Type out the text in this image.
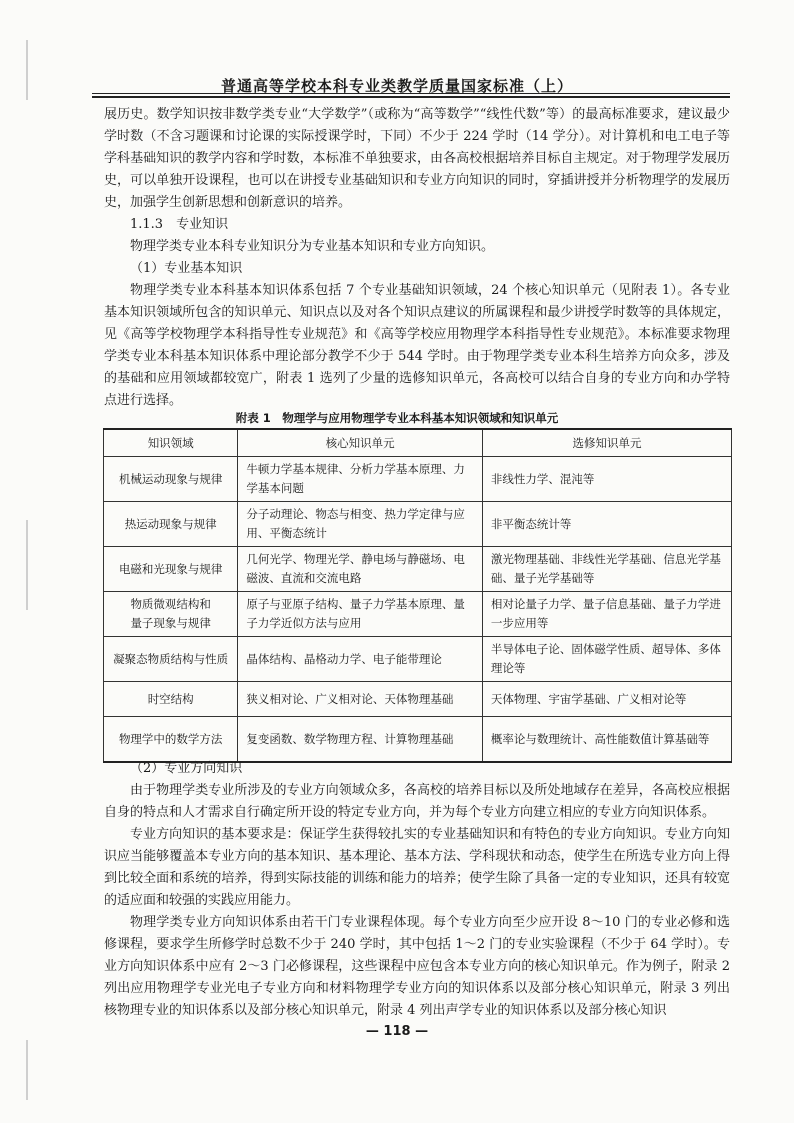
普通高等学校本科专业类教学质量国家标准（上）

展历史。数学知识按非数学类专业“大学数学”（或称为“高等数学”“线性代数”等）的最高标准要求，建议最少学时数（不含习题课和讨论课的实际授课学时，下同）不少于 224 学时（14 学分）。对计算机和电工电子等学科基础知识的教学内容和学时数，本标准不单独要求，由各高校根据培养目标自主规定。对于物理学发展历史，可以单独开设课程，也可以在讲授专业基础知识和专业方向知识的同时，穿插讲授并分析物理学的发展历史，加强学生创新思想和创新意识的培养。

1.1.3　专业知识

物理学类专业本科专业知识分为专业基本知识和专业方向知识。

（1）专业基本知识

物理学类专业本科基本知识体系包括 7 个专业基础知识领域，24 个核心知识单元（见附表 1）。各专业基本知识领域所包含的知识单元、知识点以及对各个知识点建议的所属课程和最少讲授学时数等的具体规定，见《高等学校物理学本科指导性专业规范》和《高等学校应用物理学本科指导性专业规范》。本标准要求物理学类专业本科基本知识体系中理论部分教学不少于 544 学时。由于物理学类专业本科生培养方向众多，涉及的基础和应用领域都较宽广，附表 1 选列了少量的选修知识单元，各高校可以结合自身的专业方向和办学特点进行选择。

附表 1　物理学与应用物理学专业本科基本知识领域和知识单元
知识领域	核心知识单元	选修知识单元
机械运动现象与规律	牛顿力学基本规律、分析力学基本原理、力学基本问题	非线性力学、混沌等
热运动现象与规律	分子动理论、物态与相变、热力学定律与应用、平衡态统计	非平衡态统计等
电磁和光现象与规律	几何光学、物理光学、静电场与静磁场、电磁波、直流和交流电路	激光物理基础、非线性光学基础、信息光学基础、量子光学基础等
物质微观结构和
量子现象与规律	原子与亚原子结构、量子力学基本原理、量子力学近似方法与应用	相对论量子力学、量子信息基础、量子力学进一步应用等
凝聚态物质结构与性质	晶体结构、晶格动力学、电子能带理论	半导体电子论、固体磁学性质、超导体、多体理论等
时空结构	狭义相对论、广义相对论、天体物理基础	天体物理、宇宙学基础、广义相对论等
物理学中的数学方法	复变函数、数学物理方程、计算物理基础	概率论与数理统计、高性能数值计算基础等
（2）专业方向知识

由于物理学类专业所涉及的专业方向领域众多，各高校的培养目标以及所处地域存在差异，各高校应根据自身的特点和人才需求自行确定所开设的特定专业方向，并为每个专业方向建立相应的专业方向知识体系。

专业方向知识的基本要求是：保证学生获得较扎实的专业基础知识和有特色的专业方向知识。专业方向知识应当能够覆盖本专业方向的基本知识、基本理论、基本方法、学科现状和动态，使学生在所选专业方向上得到比较全面和系统的培养，得到实际技能的训练和能力的培养；使学生除了具备一定的专业知识，还具有较宽的适应面和较强的实践应用能力。

物理学类专业方向知识体系由若干门专业课程体现。每个专业方向至少应开设 8～10 门的专业必修和选修课程，要求学生所修学时总数不少于 240 学时，其中包括 1～2 门的专业实验课程（不少于 64 学时）。专业方向知识体系中应有 2～3 门必修课程，这些课程中应包含本专业方向的核心知识单元。作为例子，附录 2 列出应用物理学专业光电子专业方向和材料物理学专业方向的知识体系以及部分核心知识单元，附录 3 列出核物理专业的知识体系以及部分核心知识单元，附录 4 列出声学专业的知识体系以及部分核心知识

— 118 —
